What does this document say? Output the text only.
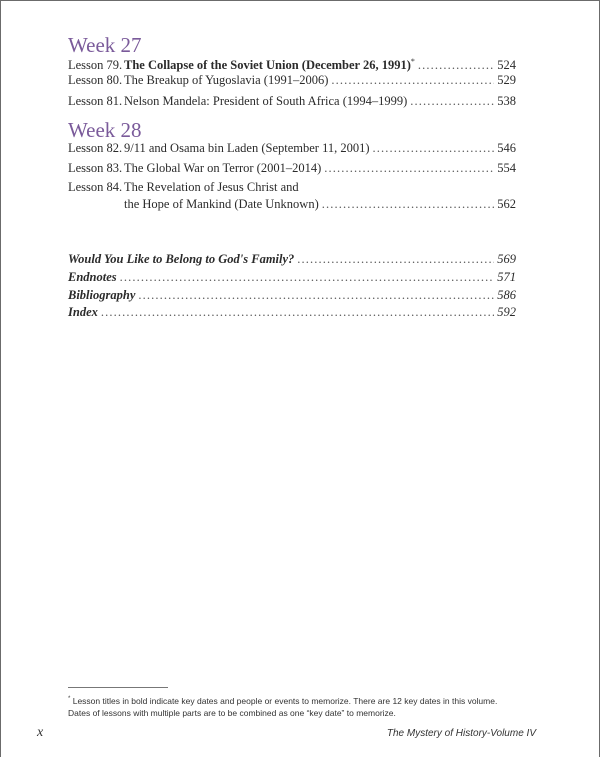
Week 27
Lesson 79. The Collapse of the Soviet Union (December 26, 1991)* . . .	524
Lesson 80. The Breakup of Yugoslavia (1991–2006) . . .	529
Lesson 81. Nelson Mandela: President of South Africa (1994–1999) . . .	538
Week 28
Lesson 82. 9/11 and Osama bin Laden (September 11, 2001) . . .	546
Lesson 83. The Global War on Terror (2001–2014) . . .	554
Lesson 84. The Revelation of Jesus Christ and
the Hope of Mankind (Date Unknown) . . .	562
Would You Like to Belong to God's Family? . . .	569
Endnotes . . .	571
Bibliography . . .	586
Index . . .	592
* Lesson titles in bold indicate key dates and people or events to memorize. There are 12 key dates in this volume.
Dates of lessons with multiple parts are to be combined as one “key date” to memorize.
x	The Mystery of History-Volume IV
